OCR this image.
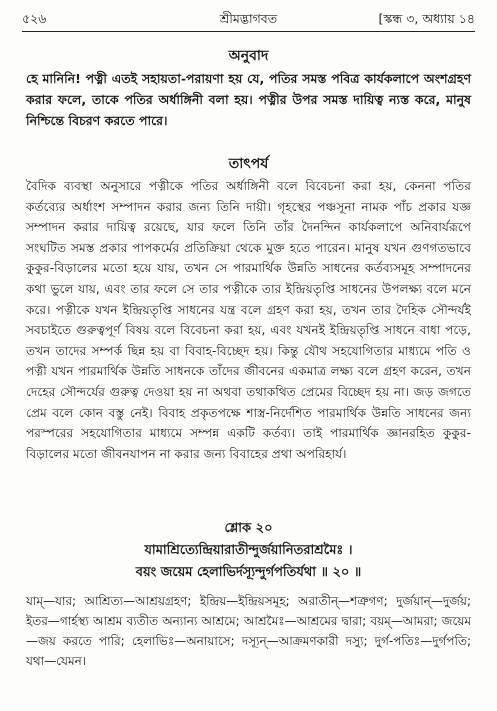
৫২৬	শ্রীমদ্ভাগবত	[স্কন্ধ ৩, অধ্যায় ১৪
অনুবাদ
হে মানিনি! পত্নী এতই সহায়তা-পরায়ণা হয় যে, পতির সমস্ত পবিত্র কার্যকলাপে অংশগ্রহণ করার ফলে, তাকে পতির অর্ধাঙ্গিনী বলা হয়। পত্নীর উপর সমস্ত দায়িত্ব ন্যস্ত করে, মানুষ নিশ্চিন্তে বিচরণ করতে পারে।
তাৎপর্য
বৈদিক ব্যবস্থা অনুসারে পত্নীকে পতির অর্ধাঙ্গিনী বলে বিবেচনা করা হয়, কেননা পতির কর্তব্যের অর্ধাংশ সম্পাদন করার জন্য তিনি দায়ী। গৃহস্থের পঞ্চসূনা নামক পাঁচ প্রকার যজ্ঞ সম্পাদন করার দায়িত্ব রয়েছে, যার ফলে তিনি তাঁর দৈনন্দিন কার্যকলাপে অনিবার্যরূপে সংঘটিত সমস্ত প্রকার পাপকর্মের প্রতিক্রিয়া থেকে মুক্ত হতে পারেন। মানুষ যখন গুণগতভাবে কুকুর-বিড়ালের মতো হয়ে যায়, তখন সে পারমার্থিক উন্নতি সাধনের কর্তব্যসমূহ সম্পাদনের কথা ভুলে যায়, এবং তার ফলে সে তার পত্নীকে তার ইন্দ্রিয়তৃপ্তি সাধনের উপলক্ষ্য বলে মনে করে। পত্নীকে যখন ইন্দ্রিয়তৃপ্তি সাধনের যন্ত্র বলে গ্রহণ করা হয়, তখন তার দৈহিক সৌন্দর্যই সবচাইতে গুরুত্বপূর্ণ বিষয় বলে বিবেচনা করা হয়, এবং যখনই ইন্দ্রিয়তৃপ্তি সাধনে বাধা পড়ে, তখন তাদের সম্পর্ক ছিন্ন হয় বা বিবাহ-বিচ্ছেদ হয়। কিন্তু যৌথ সহযোগিতার মাধ্যমে পতি ও পত্নী যখন পারমার্থিক উন্নতি সাধনকে তাঁদের জীবনের একমাত্র লক্ষ্য বলে গ্রহণ করেন, তখন দেহের সৌন্দর্যের গুরুত্ব দেওয়া হয় না অথবা তথাকথিত প্রেমের বিচ্ছেদ হয় না। জড় জগতে প্রেম বলে কোন বস্তু নেই। বিবাহ প্রকৃতপক্ষে শাস্ত্র-নির্দেশিত পারমার্থিক উন্নতি সাধনের জন্য পরস্পরের সহযোগিতার মাধ্যমে সম্পন্ন একটি কর্তব্য। তাই পারমার্থিক জ্ঞানরহিত কুকুর-বিড়ালের মতো জীবনযাপন না করার জন্য বিবাহের প্রথা অপরিহার্য।
শ্লোক ২০
যামাশ্রিত্যেন্দ্রিয়ারাতীন্দুর্জয়ানিতরাশ্রমৈঃ ।
বয়ং জয়েম হেলাভির্দস্যূন্দুর্গপতির্যথা ॥ ২০ ॥
যাম্—যার; আশ্রিত্য—আশ্রয়গ্রহণ; ইন্দ্রিয়—ইন্দ্রিয়সমূহ; অরাতীন্—শত্রুগণ; দুর্জয়ান্—দুর্জয়; ইতর—গার্হস্থ্য আশ্রম ব্যতীত অন্যান্য আশ্রমে; আশ্রমৈঃ—আশ্রমের দ্বারা; বয়ম্—আমরা; জয়েম—জয় করতে পারি; হেলাভিঃ—অনায়াসে; দস্যূন্—আক্রমণকারী দস্যু; দুর্গ-পতিঃ—দুর্গপতি; যথা—যেমন।
